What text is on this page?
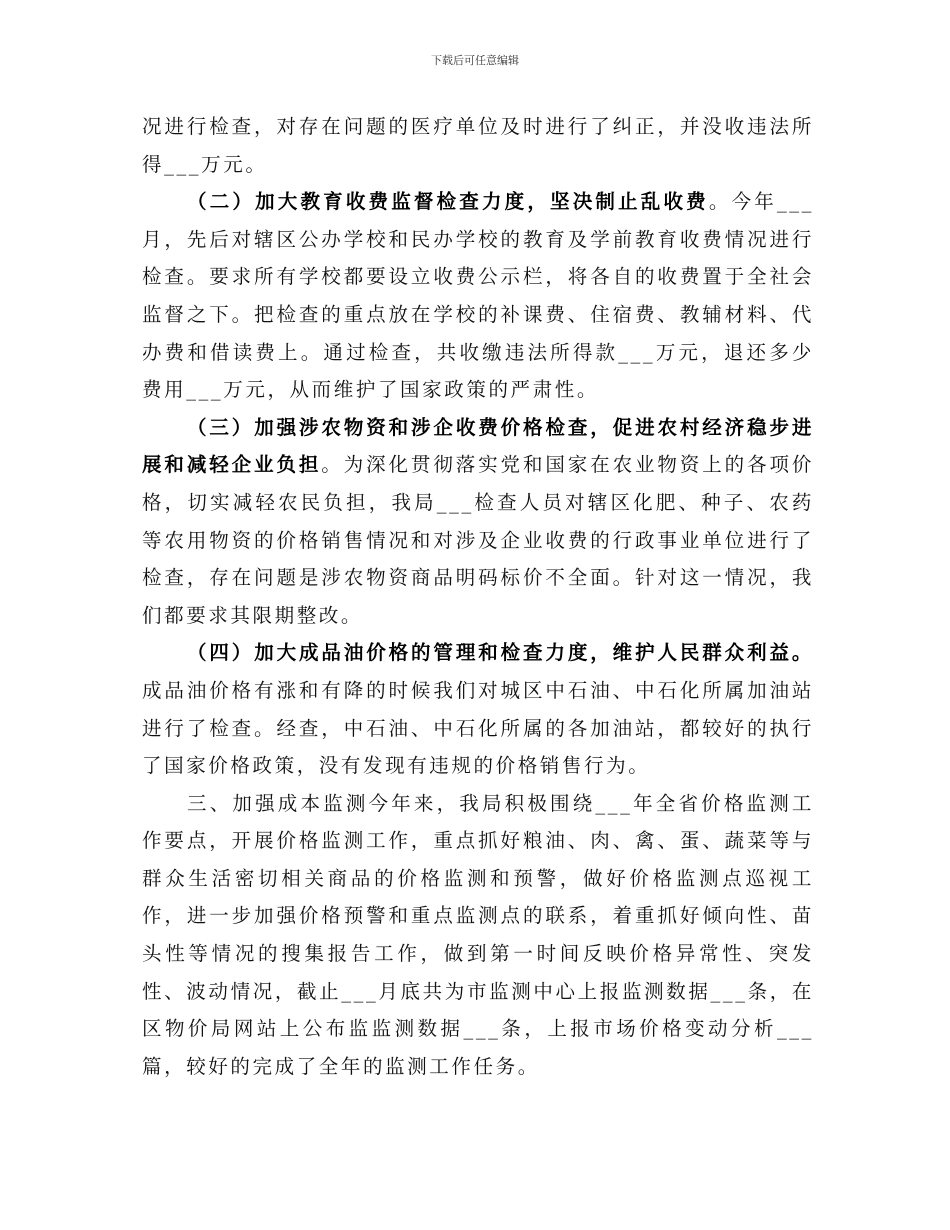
下载后可任意编辑

况进行检查，对存在问题的医疗单位及时进行了纠正，并没收违法所得___万元。

（二）加大教育收费监督检查力度，坚决制止乱收费。今年___月，先后对辖区公办学校和民办学校的教育及学前教育收费情况进行检查。要求所有学校都要设立收费公示栏，将各自的收费置于全社会监督之下。把检查的重点放在学校的补课费、住宿费、教辅材料、代办费和借读费上。通过检查，共收缴违法所得款___万元，退还多少费用___万元，从而维护了国家政策的严肃性。

（三）加强涉农物资和涉企收费价格检查，促进农村经济稳步进展和减轻企业负担。为深化贯彻落实党和国家在农业物资上的各项价格，切实减轻农民负担，我局___检查人员对辖区化肥、种子、农药等农用物资的价格销售情况和对涉及企业收费的行政事业单位进行了检查，存在问题是涉农物资商品明码标价不全面。针对这一情况，我们都要求其限期整改。

（四）加大成品油价格的管理和检查力度，维护人民群众利益。成品油价格有涨和有降的时候我们对城区中石油、中石化所属加油站进行了检查。经查，中石油、中石化所属的各加油站，都较好的执行了国家价格政策，没有发现有违规的价格销售行为。

三、加强成本监测今年来，我局积极围绕___年全省价格监测工作要点，开展价格监测工作，重点抓好粮油、肉、禽、蛋、蔬菜等与群众生活密切相关商品的价格监测和预警，做好价格监测点巡视工作，进一步加强价格预警和重点监测点的联系，着重抓好倾向性、苗头性等情况的搜集报告工作，做到第一时间反映价格异常性、突发性、波动情况，截止___月底共为市监测中心上报监测数据___条，在区物价局网站上公布监监测数据___条，上报市场价格变动分析___篇，较好的完成了全年的监测工作任务。
